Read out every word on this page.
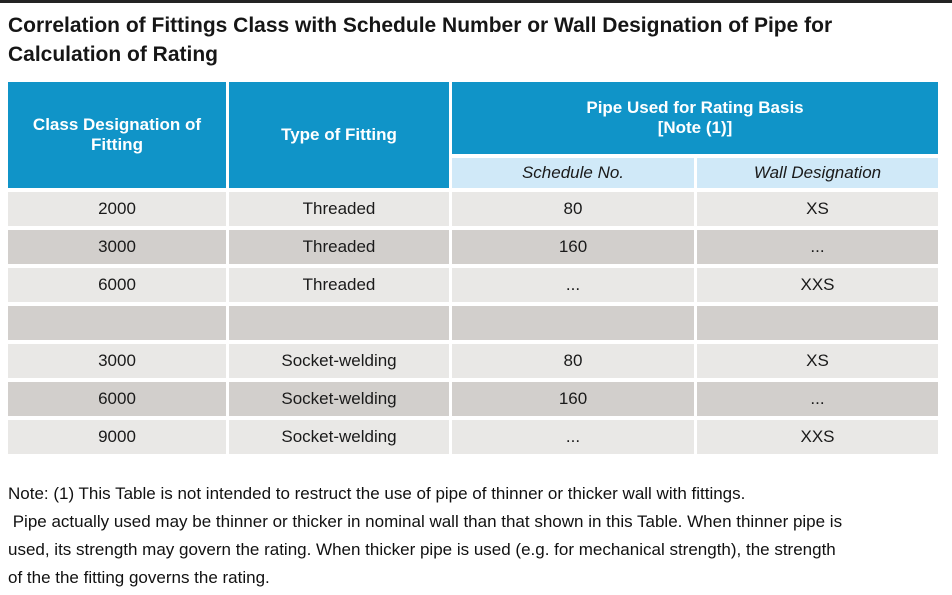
Correlation of Fittings Class with Schedule Number or Wall Designation of Pipe for
Calculation of Rating
Class Designation of Fitting	Type of Fitting	Pipe Used for Rating Basis
[Note (1)]	

		Schedule No.	Wall Designation
2000	Threaded	80	XS
3000	Threaded	160	...
6000	Threaded	...	XXS

3000	Socket-welding	80	XS
6000	Socket-welding	160	...
9000	Socket-welding	...	XXS
Note: (1) This Table is not intended to restruct the use of pipe of thinner or thicker wall with fittings.
Pipe actually used may be thinner or thicker in nominal wall than that shown in this Table. When thinner pipe is
used, its strength may govern the rating. When thicker pipe is used (e.g. for mechanical strength), the strength
of the the fitting governs the rating.
